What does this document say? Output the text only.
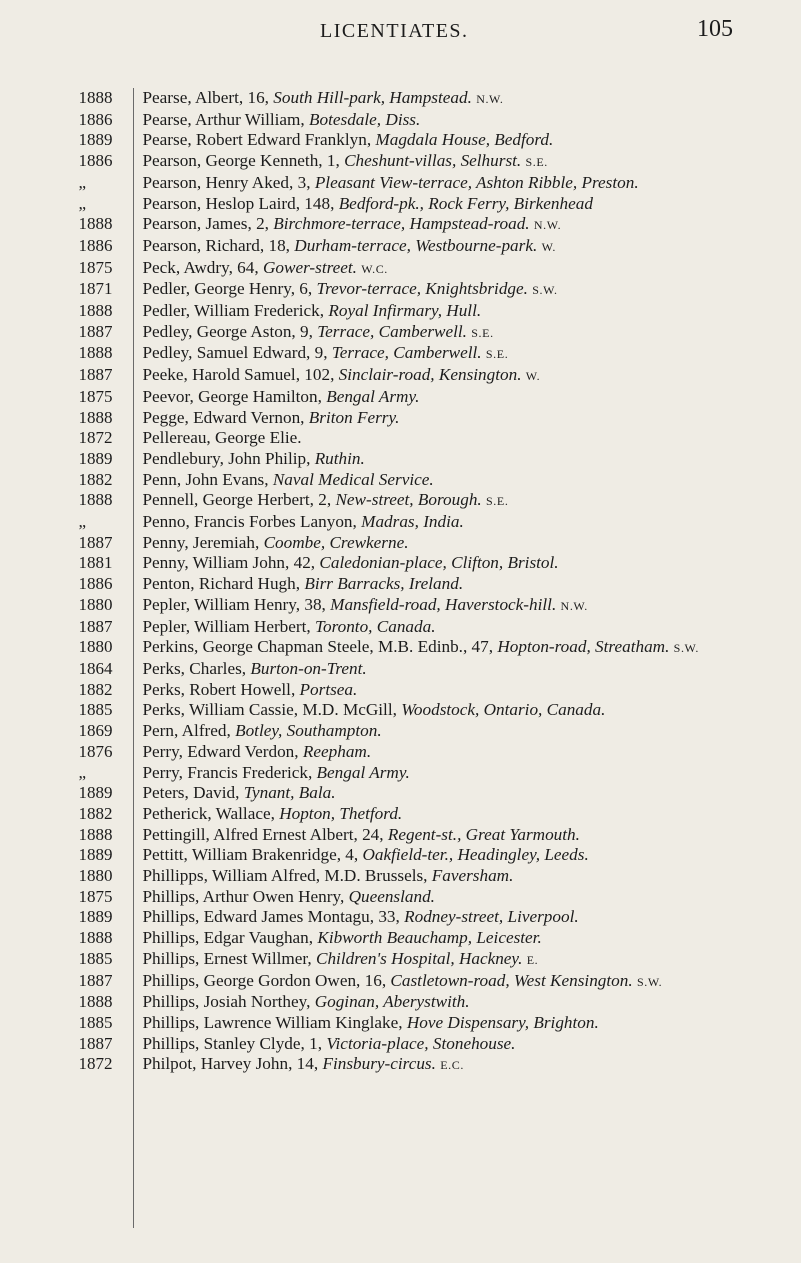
LICENTIATES.	105
1888	Pearse, Albert, 16, South Hill-park, Hampstead. N.W.
1886	Pearse, Arthur William, Botesdale, Diss.
1889	Pearse, Robert Edward Franklyn, Magdala House, Bedford.
1886	Pearson, George Kenneth, 1, Cheshunt-villas, Selhurst. S.E.
„	Pearson, Henry Aked, 3, Pleasant View-terrace, Ashton Ribble, Preston.
„	Pearson, Heslop Laird, 148, Bedford-pk., Rock Ferry, Birkenhead
1888	Pearson, James, 2, Birchmore-terrace, Hampstead-road. N.W.
1886	Pearson, Richard, 18, Durham-terrace, Westbourne-park. W.
1875	Peck, Awdry, 64, Gower-street. W.C.
1871	Pedler, George Henry, 6, Trevor-terrace, Knightsbridge. S.W.
1888	Pedler, William Frederick, Royal Infirmary, Hull.
1887	Pedley, George Aston, 9, Terrace, Camberwell. S.E.
1888	Pedley, Samuel Edward, 9, Terrace, Camberwell. S.E.
1887	Peeke, Harold Samuel, 102, Sinclair-road, Kensington. W.
1875	Peevor, George Hamilton, Bengal Army.
1888	Pegge, Edward Vernon, Briton Ferry.
1872	Pellereau, George Elie.
1889	Pendlebury, John Philip, Ruthin.
1882	Penn, John Evans, Naval Medical Service.
1888	Pennell, George Herbert, 2, New-street, Borough. S.E.
„	Penno, Francis Forbes Lanyon, Madras, India.
1887	Penny, Jeremiah, Coombe, Crewkerne.
1881	Penny, William John, 42, Caledonian-place, Clifton, Bristol.
1886	Penton, Richard Hugh, Birr Barracks, Ireland.
1880	Pepler, William Henry, 38, Mansfield-road, Haverstock-hill. N.W.
1887	Pepler, William Herbert, Toronto, Canada.
1880	Perkins, George Chapman Steele, M.B. Edinb., 47, Hopton-road, Streatham. S.W.
1864	Perks, Charles, Burton-on-Trent.
1882	Perks, Robert Howell, Portsea.
1885	Perks, William Cassie, M.D. McGill, Woodstock, Ontario, Canada.
1869	Pern, Alfred, Botley, Southampton.
1876	Perry, Edward Verdon, Reepham.
„	Perry, Francis Frederick, Bengal Army.
1889	Peters, David, Tynant, Bala.
1882	Petherick, Wallace, Hopton, Thetford.
1888	Pettingill, Alfred Ernest Albert, 24, Regent-st., Great Yarmouth.
1889	Pettitt, William Brakenridge, 4, Oakfield-ter., Headingley, Leeds.
1880	Phillipps, William Alfred, M.D. Brussels, Faversham.
1875	Phillips, Arthur Owen Henry, Queensland.
1889	Phillips, Edward James Montagu, 33, Rodney-street, Liverpool.
1888	Phillips, Edgar Vaughan, Kibworth Beauchamp, Leicester.
1885	Phillips, Ernest Willmer, Children's Hospital, Hackney. E.
1887	Phillips, George Gordon Owen, 16, Castletown-road, West Kensington. S.W.
1888	Phillips, Josiah Northey, Goginan, Aberystwith.
1885	Phillips, Lawrence William Kinglake, Hove Dispensary, Brighton.
1887	Phillips, Stanley Clyde, 1, Victoria-place, Stonehouse.
1872	Philpot, Harvey John, 14, Finsbury-circus. E.C.
